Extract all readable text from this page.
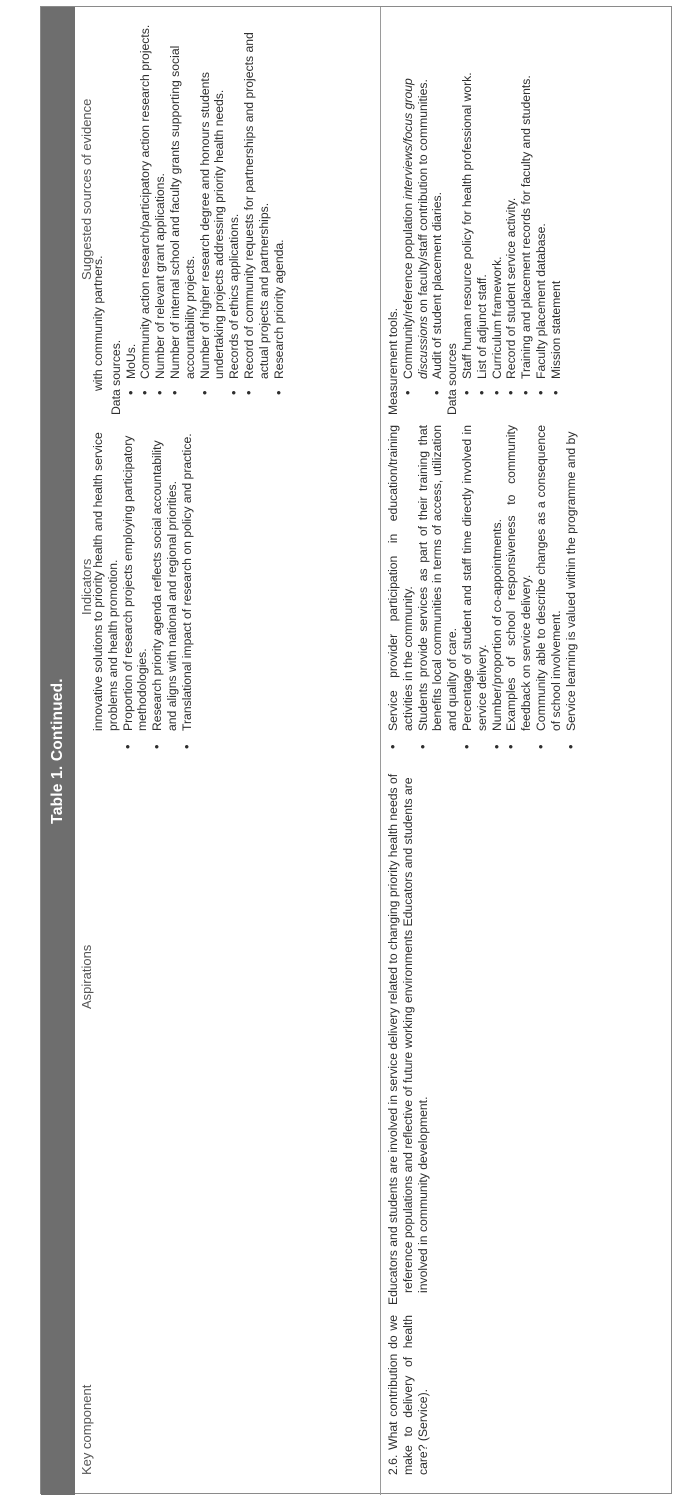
Table 1. Continued.
Key component
Aspirations
Indicators
Suggested sources of evidence

innovative solutions to priority health and health service problems and health promotion. • Proportion of research projects employing participatory methodologies. • Research priority agenda reflects social accountability and aligns with national and regional priorities. • Translational impact of research on policy and practice.

with community partners. Data sources. • MoUs. • Community action research/participatory action research projects. • Number of relevant grant applications. • Number of internal school and faculty grants supporting social accountability projects. • Number of higher research degree and honours students undertaking projects addressing priority health needs. • Records of ethics applications. • Record of community requests for partnerships and projects and actual projects and partnerships. • Research priority agenda.
2.6. What contribution do we make to delivery of health care? (Service).

Educators and students are involved in service delivery related to changing priority health needs of reference populations and reflective of future working environments Educators and students are involved in community development.

• Service provider participation in education/training activities in the community. • Students provide services as part of their training that benefits local communities in terms of access, utilization and quality of care. • Percentage of student and staff time directly involved in service delivery. • Number/proportion of co-appointments. • Examples of school responsiveness to community feedback on service delivery. • Community able to describe changes as a consequence of school involvement. • Service learning is valued within the programme and by

Measurement tools. • Community/reference population interviews/focus group discussions on faculty/staff contribution to communities. • Audit of student placement diaries.

Data sources

• Staff human resource policy for health professional work. • List of adjunct staff. • Curriculum framework. • Record of student service activity. • Training and placement records for faculty and students. • Faculty placement database. • Mission statement
